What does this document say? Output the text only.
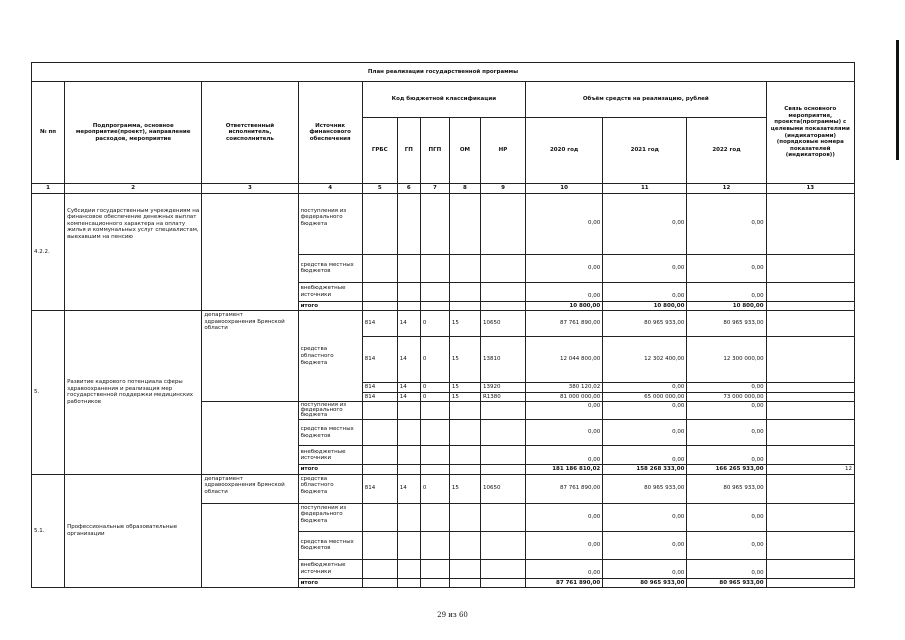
План реализации государственной программы												
№ пп	Подпрограмма, основное мероприятие(проект), направление расходов, мероприятие	Ответственный исполнитель, соисполнитель	Источник финансового обеспечения	Код бюджетной классификации					Объём средств на реализацию, рублей			Связь основного мероприятия, проекта(программы) с целевыми показателями (индикаторами) (порядковые номера показателей (индикаторов))
				ГРБС	ГП	ПГП	ОМ	НР	2020 год	2021 год	2022 год	
1	2	3	4	5	6	7	8	9	10	11	12	13
4.2.2.	Субсидии государственным учреждениям на финансовое обеспечение денежных выплат компенсационного характера на оплату жилья и коммунальных услуг специалистам, выехавшим на пенсию		поступления из федерального бюджета						0,00	0,00	0,00	
			средства местных бюджетов						0,00	0,00	0,00	
			внебюджетные источники						0,00	0,00	0,00	
			итого						10 800,00	10 800,00	10 800,00	
5.	Развитие кадрового потенциала сферы здравоохранения и реализация мер государственной поддержки медицинских работников	департамент здравоохранения Брянской области	средства областного бюджета	814	14	0	15	10650	87 761 890,00	80 965 933,00	80 965 933,00	
				814	14	0	15	13810	12 044 800,00	12 302 400,00	12 300 000,00	
				814	14	0	15	13920	380 120,02	0,00	0,00	
				814	14	0	15	R1380	81 000 000,00	65 000 000,00	73 000 000,00	
			поступления из федерального бюджета						0,00	0,00	0,00	
			средства местных бюджетов						0,00	0,00	0,00	
			внебюджетные источники						0,00	0,00	0,00	
			итого						181 186 810,02	158 268 333,00	166 265 933,00	12
5.1.	Профессиональные образовательные организации	департамент здравоохранения Брянской области	средства областного бюджета	814	14	0	15	10650	87 761 890,00	80 965 933,00	80 965 933,00	
			поступления из федерального бюджета						0,00	0,00	0,00	
			средства местных бюджетов						0,00	0,00	0,00	
			внебюджетные источники						0,00	0,00	0,00	
			итого						87 761 890,00	80 965 933,00	80 965 933,00	
29 из 60
